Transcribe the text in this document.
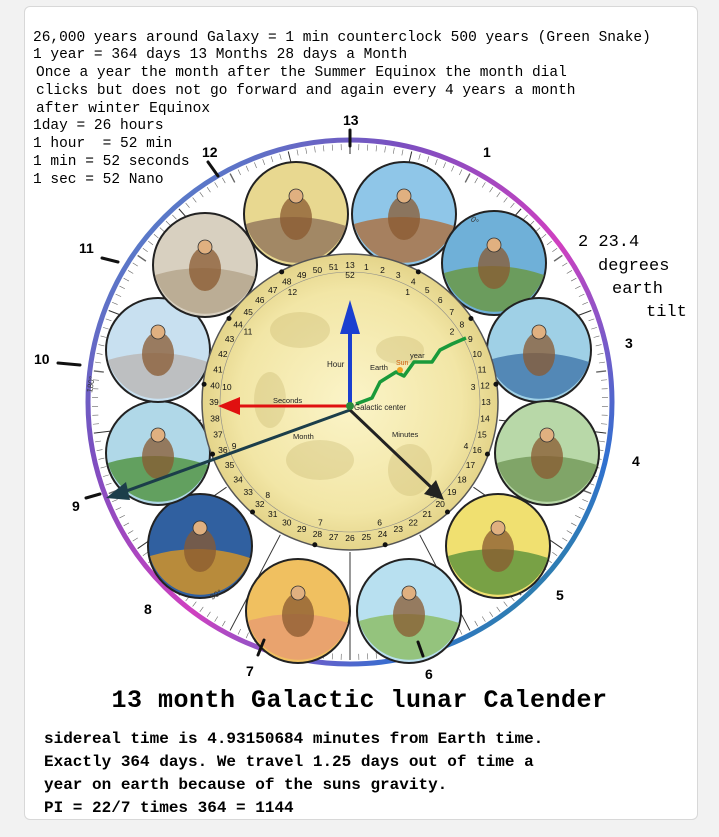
26,000 years around Galaxy = 1 min counterclock 500 years (Green Snake)
1 year = 364 days 13 Months 28 days a Month
Once a year the month after the Summer Equinox the month dial
clicks but does not go forward and again every 4 years a month
after winter Equinox
1day = 26 hours
1 hour  = 52 min
1 min = 52 seconds
1 sec = 52 Nano
2 23.4
degrees
earth
tilt
13
52
1 2 3
4
5
6
7
8
9
10
11
12
13
14
15
16
17
18
19
20
21
22
23
24
25
26
27
28
29
30
31
32
33
34
35
36
37
38
39
40
41
42
43
44
45
46
47
48
49 50 51
1
2
3
4
6
7
8
9
10
11
12
Hour	Earth Sun
year
Seconds
Galactic center
Month	Minutes
180°
90°
0°
13
1
3
4
5
6
7
8
9
10
11
12
13 month Galactic lunar Calender
sidereal time is 4.93150684 minutes from Earth time.
Exactly 364 days. We travel 1.25 days out of time a
year on earth because of the suns gravity.
PI = 22/7 times 364 = 1144
